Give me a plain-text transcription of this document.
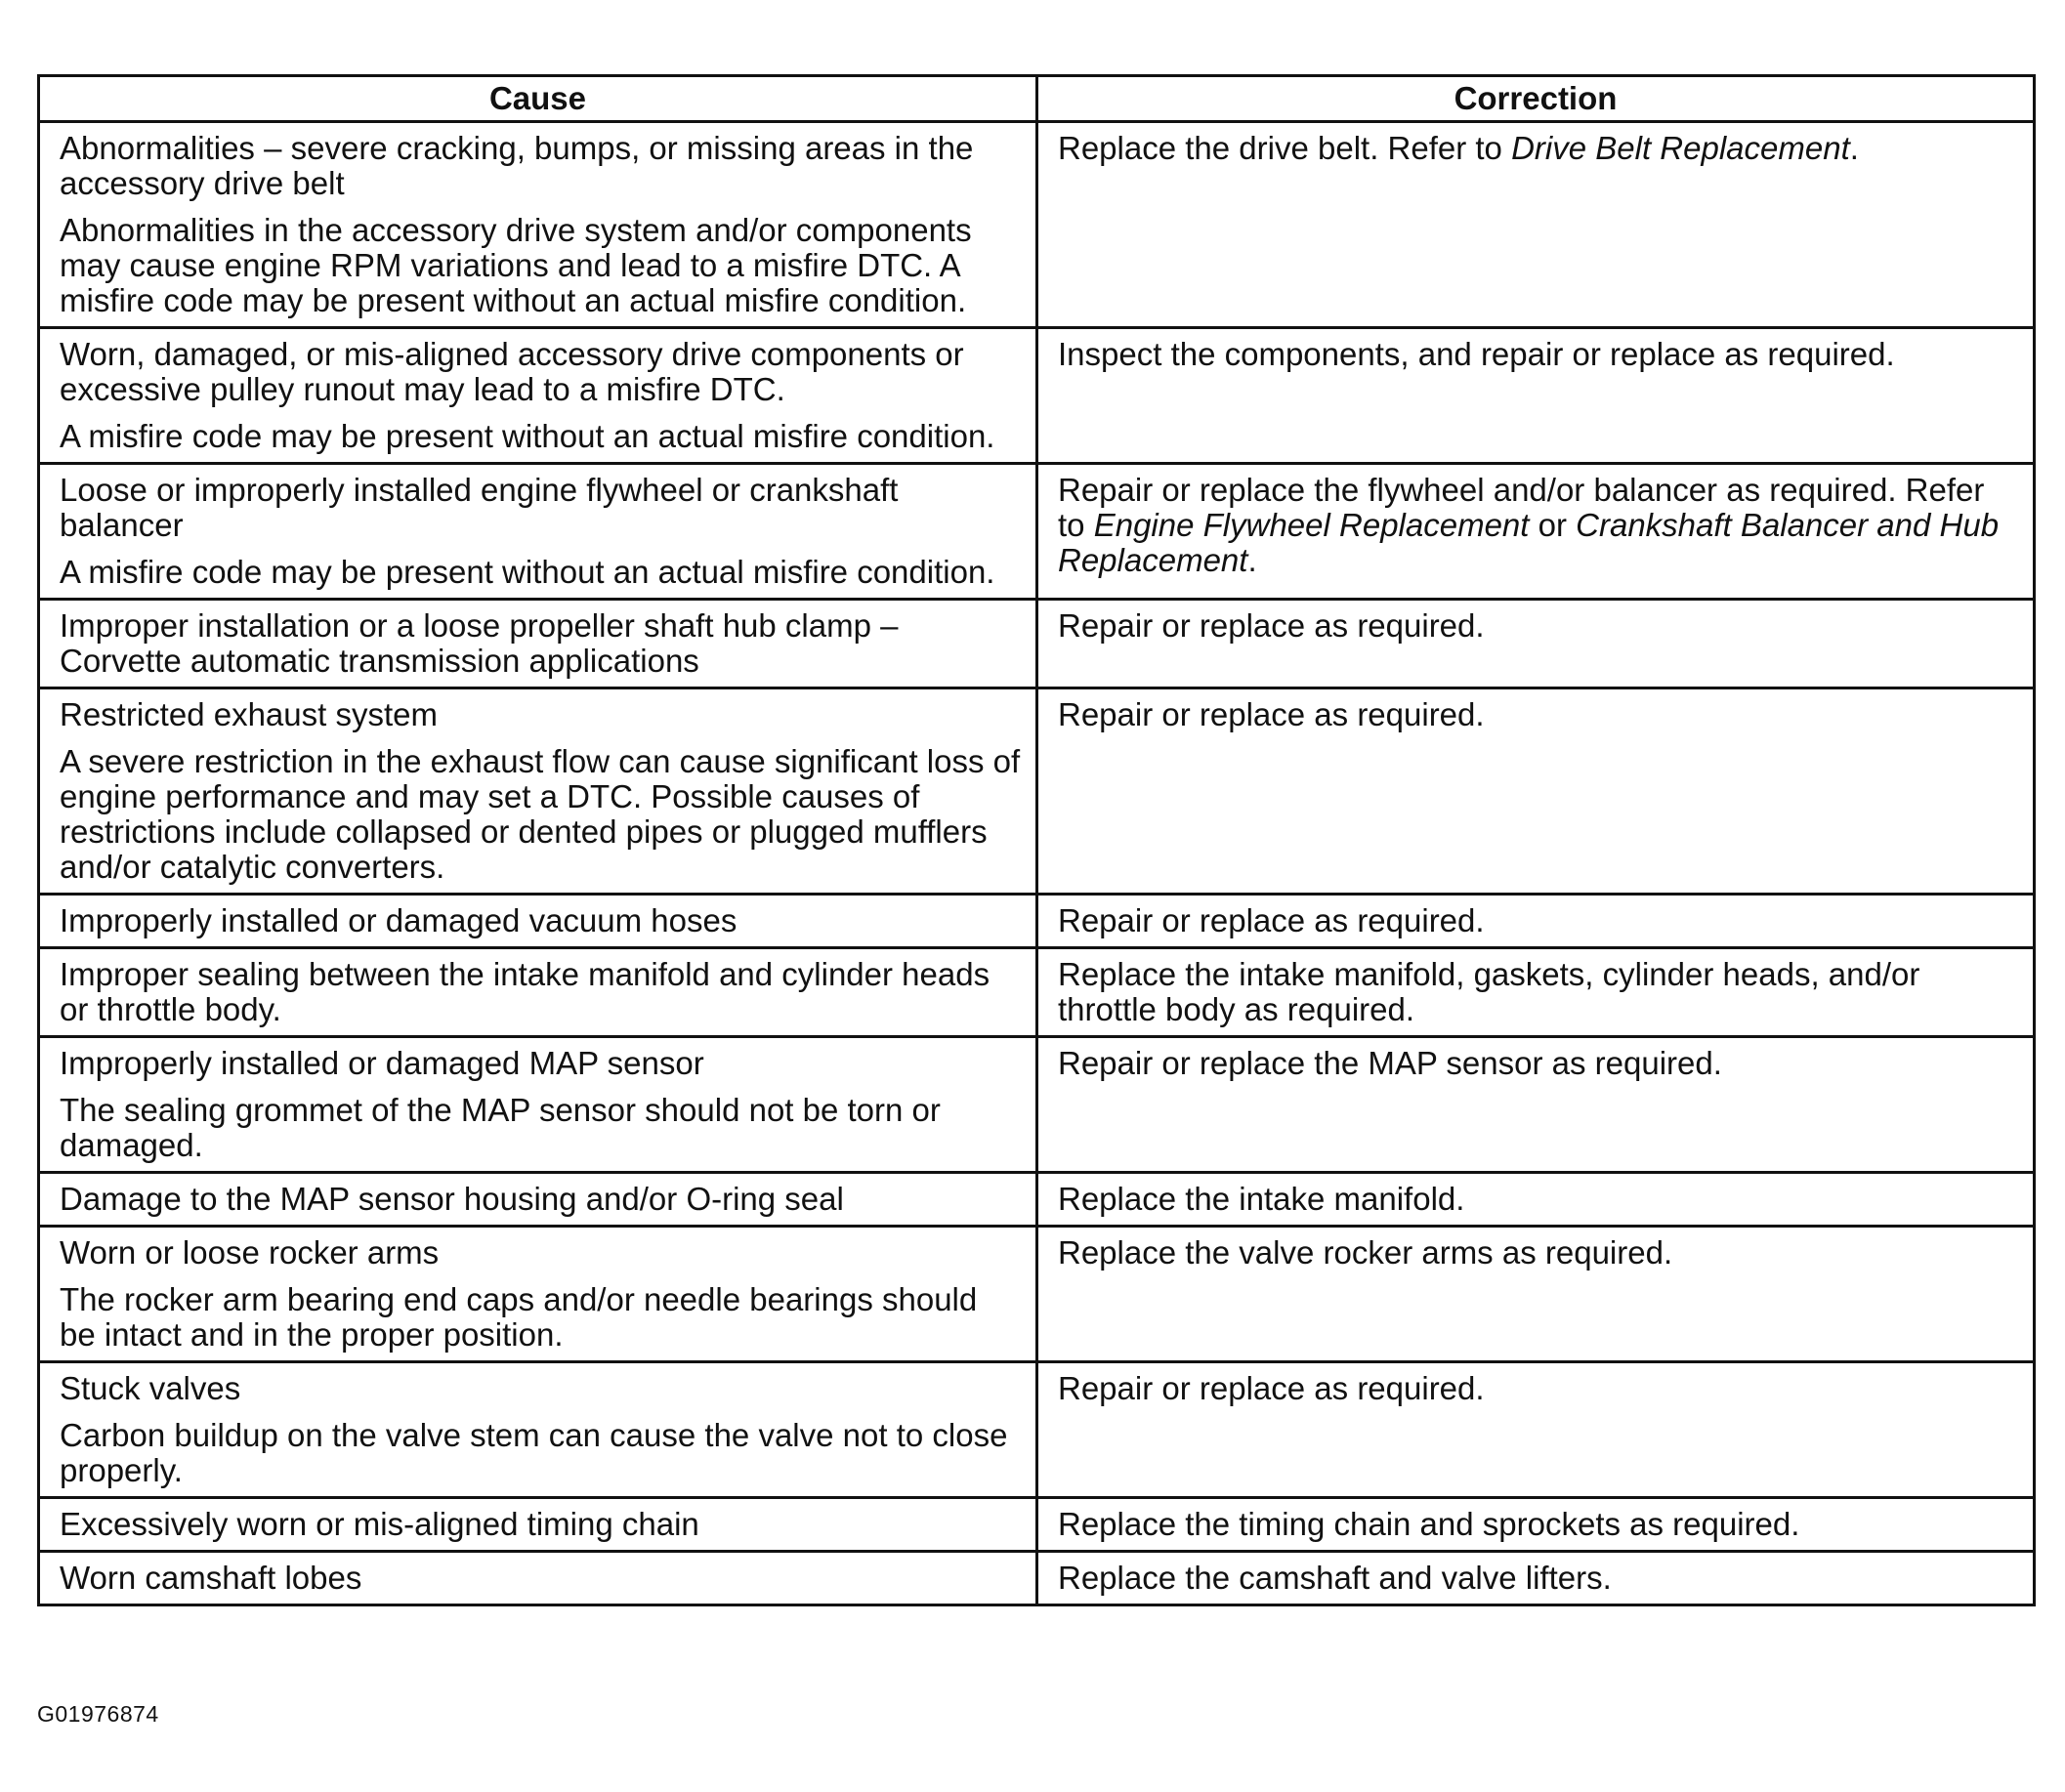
Cause	Correction

Abnormalities – severe cracking, bumps, or missing areas in the accessory drive belt

Abnormalities in the accessory drive system and/or components may cause engine RPM variations and lead to a misfire DTC. A misfire code may be present without an actual misfire condition.	Replace the drive belt. Refer to Drive Belt Replacement.

Worn, damaged, or mis-aligned accessory drive components or excessive pulley runout may lead to a misfire DTC.

A misfire code may be present without an actual misfire condition.	Inspect the components, and repair or replace as required.

Loose or improperly installed engine flywheel or crankshaft balancer

A misfire code may be present without an actual misfire condition.	Repair or replace the flywheel and/or balancer as required. Refer to Engine Flywheel Replacement or Crankshaft Balancer and Hub Replacement.

Improper installation or a loose propeller shaft hub clamp – Corvette automatic transmission applications	Repair or replace as required.

Restricted exhaust system

A severe restriction in the exhaust flow can cause significant loss of engine performance and may set a DTC. Possible causes of restrictions include collapsed or dented pipes or plugged mufflers and/or catalytic converters.	Repair or replace as required.

Improperly installed or damaged vacuum hoses	Repair or replace as required.

Improper sealing between the intake manifold and cylinder heads or throttle body.	Replace the intake manifold, gaskets, cylinder heads, and/or throttle body as required.

Improperly installed or damaged MAP sensor

The sealing grommet of the MAP sensor should not be torn or damaged.	Repair or replace the MAP sensor as required.

Damage to the MAP sensor housing and/or O-ring seal	Replace the intake manifold.

Worn or loose rocker arms

The rocker arm bearing end caps and/or needle bearings should be intact and in the proper position.	Replace the valve rocker arms as required.

Stuck valves

Carbon buildup on the valve stem can cause the valve not to close properly.	Repair or replace as required.

Excessively worn or mis-aligned timing chain	Replace the timing chain and sprockets as required.

Worn camshaft lobes	Replace the camshaft and valve lifters.

G01976874
